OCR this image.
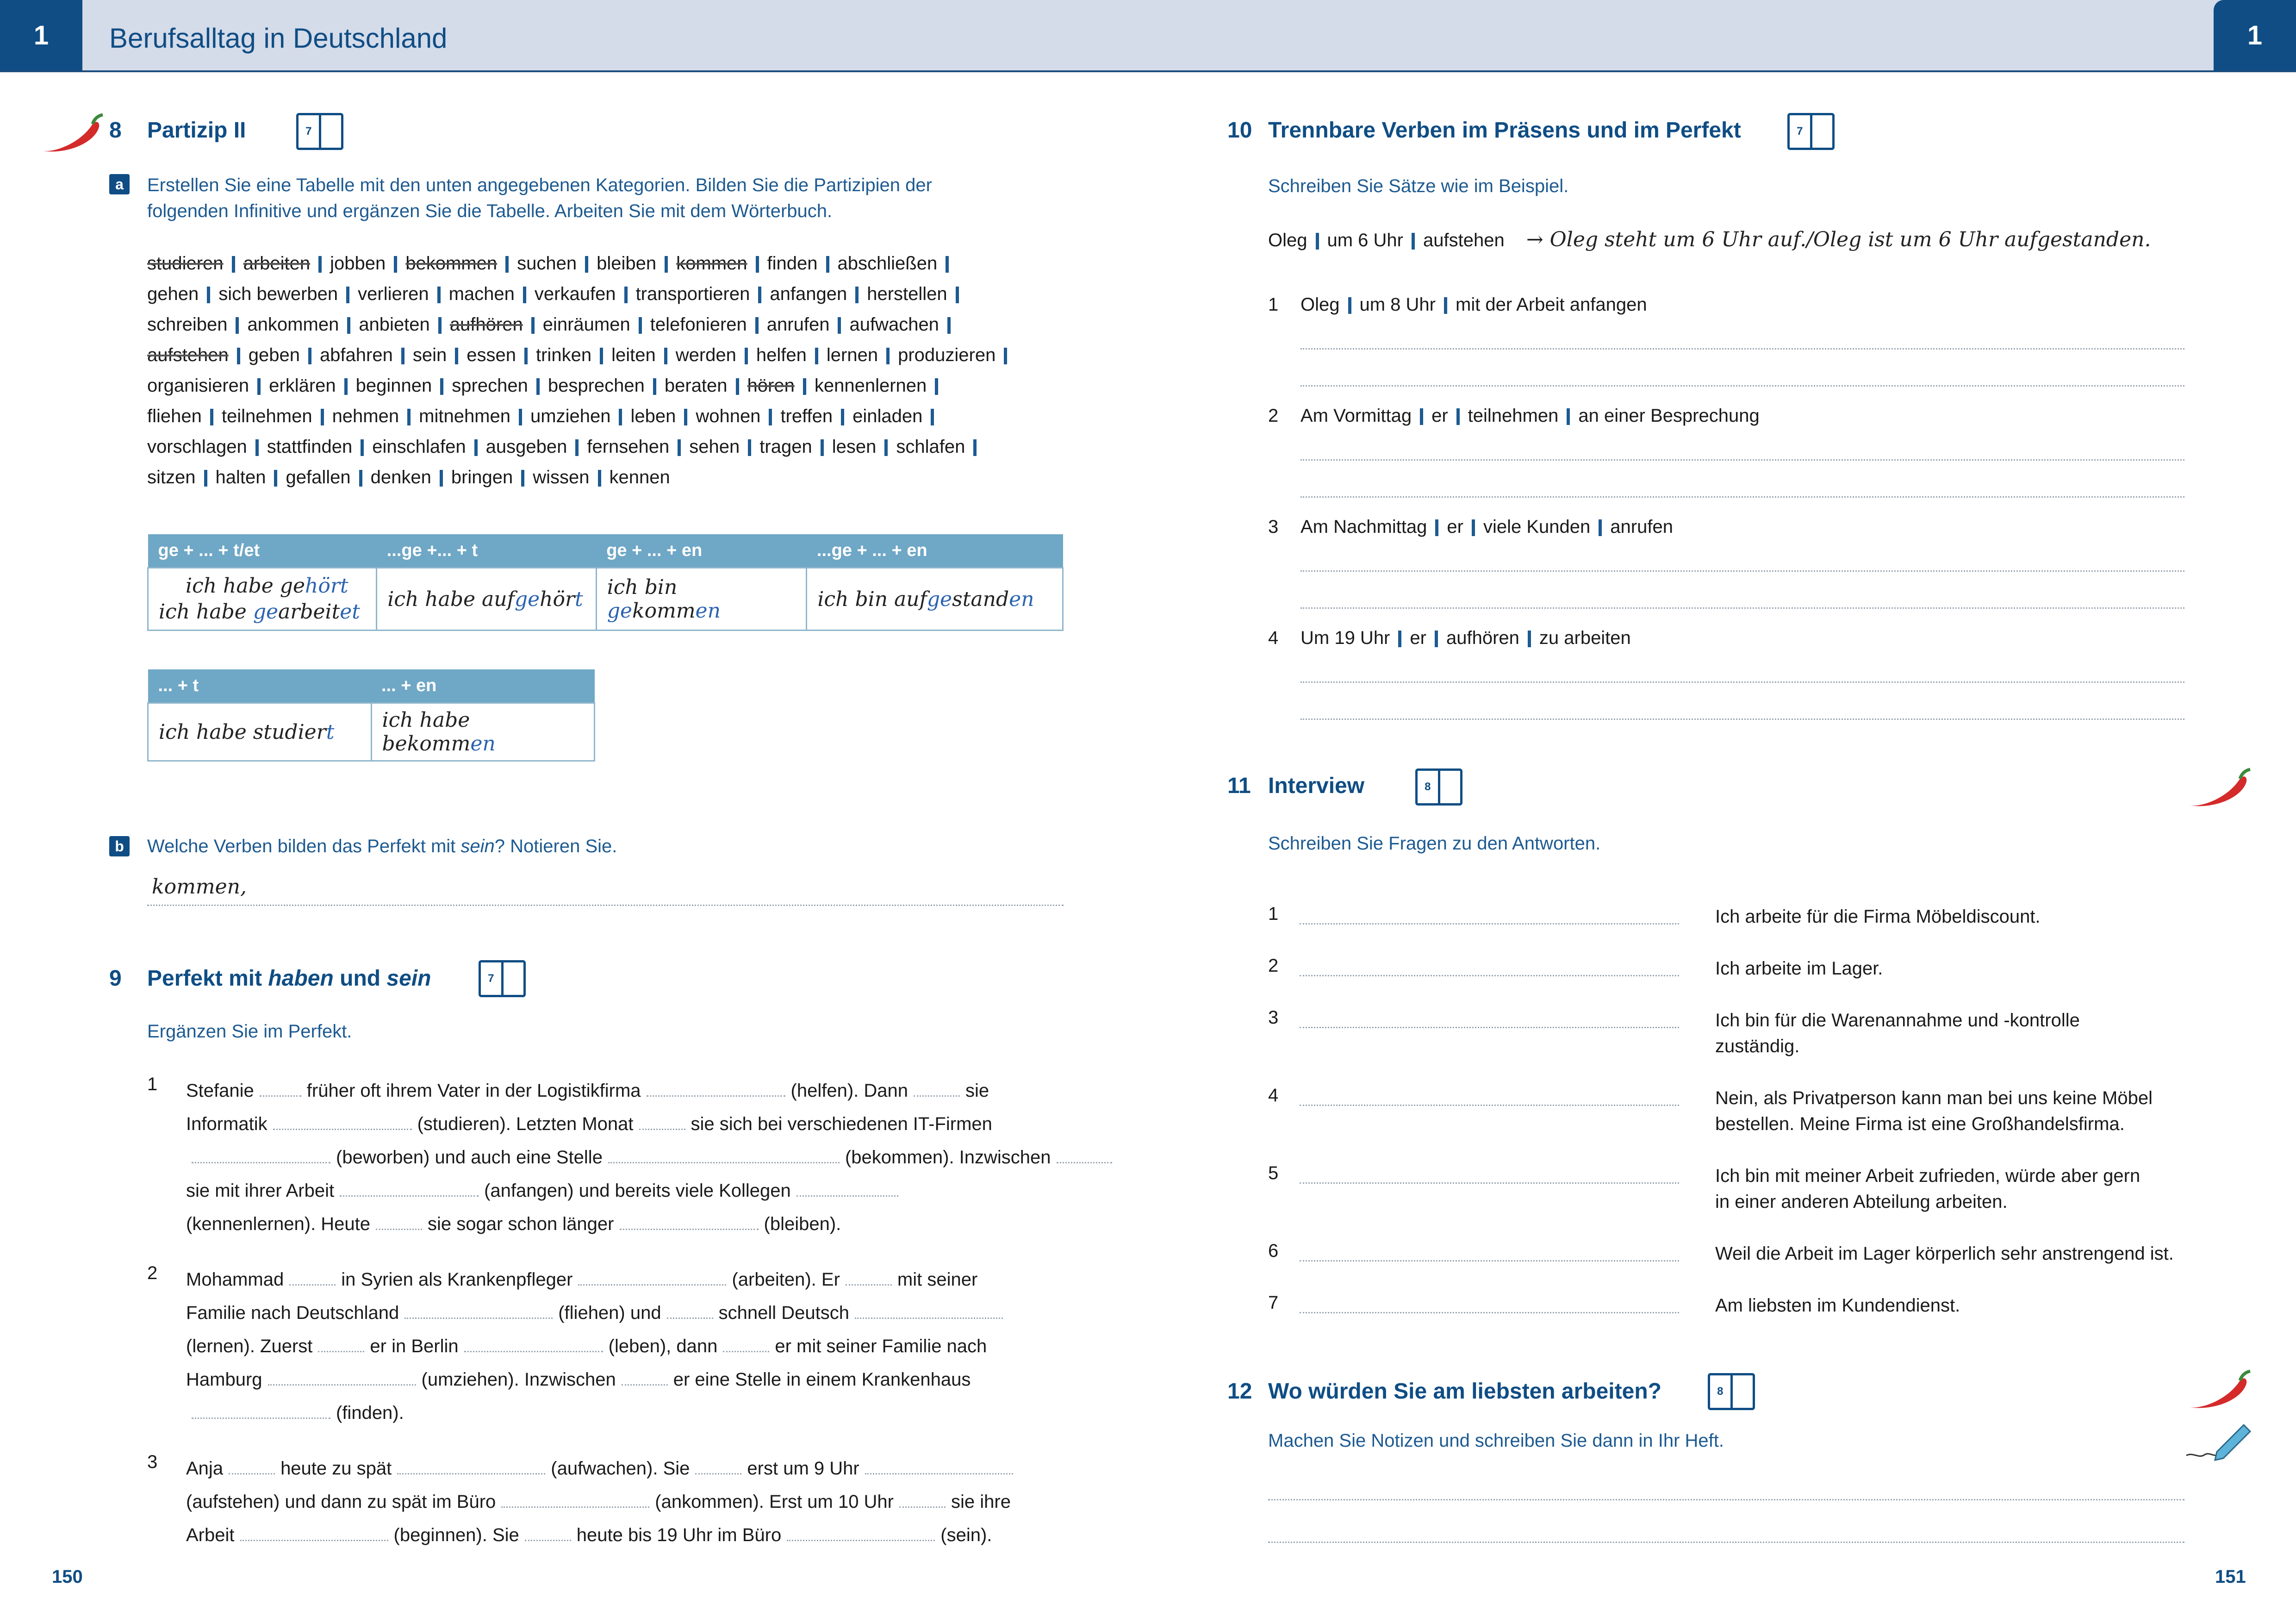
1	1
Berufsalltag in Deutschland
8 Partizip II	7
a	Erstellen Sie eine Tabelle mit den unten angegebenen Kategorien. Bilden Sie die Partizipien der
folgenden Infinitive und ergänzen Sie die Tabelle. Arbeiten Sie mit dem Wörterbuch.
studieren arbeiten jobben bekommen suchen bleiben kommen finden abschließen
gehen sich bewerben verlieren machen verkaufen transportieren anfangen herstellen
schreiben ankommen anbieten aufhören einräumen telefonieren anrufen aufwachen
aufstehen geben abfahren sein essen trinken leiten werden helfen lernen produzieren
organisieren erklären beginnen sprechen besprechen beraten hören kennenlernen
fliehen teilnehmen nehmen mitnehmen umziehen leben wohnen treffen einladen
vorschlagen stattfinden einschlafen ausgeben fernsehen sehen tragen lesen schlafen
sitzen halten gefallen denken bringen wissen kennen
ge + ... + t/et	...ge +... + t	ge + ... + en	...ge + ... + en

ich habe gehört
ich habe gearbeitet	ich habe aufgehört	ich bin gekommen	ich bin aufgestanden
... + t	... + en
ich habe studiert	ich habe bekommen
b	Welche Verben bilden das Perfekt mit sein? Notieren Sie.
kommen,
9 Perfekt mit haben und sein	7
Ergänzen Sie im Perfekt.
1 Stefanie	früher oft ihrem Vater in der Logistikfirma	(helfen). Dann	sie
Informatik	(studieren). Letzten Monat	sie sich bei verschiedenen IT-Firmen
(beworben) und auch eine Stelle	(bekommen). Inzwischen
sie mit ihrer Arbeit	(anfangen) und bereits viele Kollegen
(kennenlernen). Heute	sie sogar schon länger	(bleiben).
2 Mohammad	in Syrien als Krankenpfleger	(arbeiten). Er	mit seiner
Familie nach Deutschland	(fliehen) und	schnell Deutsch
(lernen). Zuerst	er in Berlin	(leben), dann	er mit seiner Familie nach
Hamburg	(umziehen). Inzwischen	er eine Stelle in einem Krankenhaus
(finden).
3 Anja	heute zu spät	(aufwachen). Sie	erst um 9 Uhr
(aufstehen) und dann zu spät im Büro	(ankommen). Erst um 10 Uhr	sie ihre
Arbeit	(beginnen). Sie	heute bis 19 Uhr im Büro	(sein).
150
10 Trennbare Verben im Präsens und im Perfekt	7
Schreiben Sie Sätze wie im Beispiel.
Oleg um 6 Uhr aufstehen → Oleg steht um 6 Uhr auf./Oleg ist um 6 Uhr aufgestanden.
1 Oleg um 8 Uhr mit der Arbeit anfangen
2 Am Vormittag er teilnehmen an einer Besprechung
3 Am Nachmittag er viele Kunden anrufen
4 Um 19 Uhr er aufhören zu arbeiten
11 Interview	8
Schreiben Sie Fragen zu den Antworten.
1	Ich arbeite für die Firma Möbeldiscount.
2	Ich arbeite im Lager.
3	Ich bin für die Warenannahme und -kontrolle
zuständig.
4	Nein, als Privatperson kann man bei uns keine Möbel
bestellen. Meine Firma ist eine Großhandelsfirma.
5	Ich bin mit meiner Arbeit zufrieden, würde aber gern
in einer anderen Abteilung arbeiten.
6	Weil die Arbeit im Lager körperlich sehr anstrengend ist.
7	Am liebsten im Kundendienst.
12 Wo würden Sie am liebsten arbeiten?	8
Machen Sie Notizen und schreiben Sie dann in Ihr Heft.
151
